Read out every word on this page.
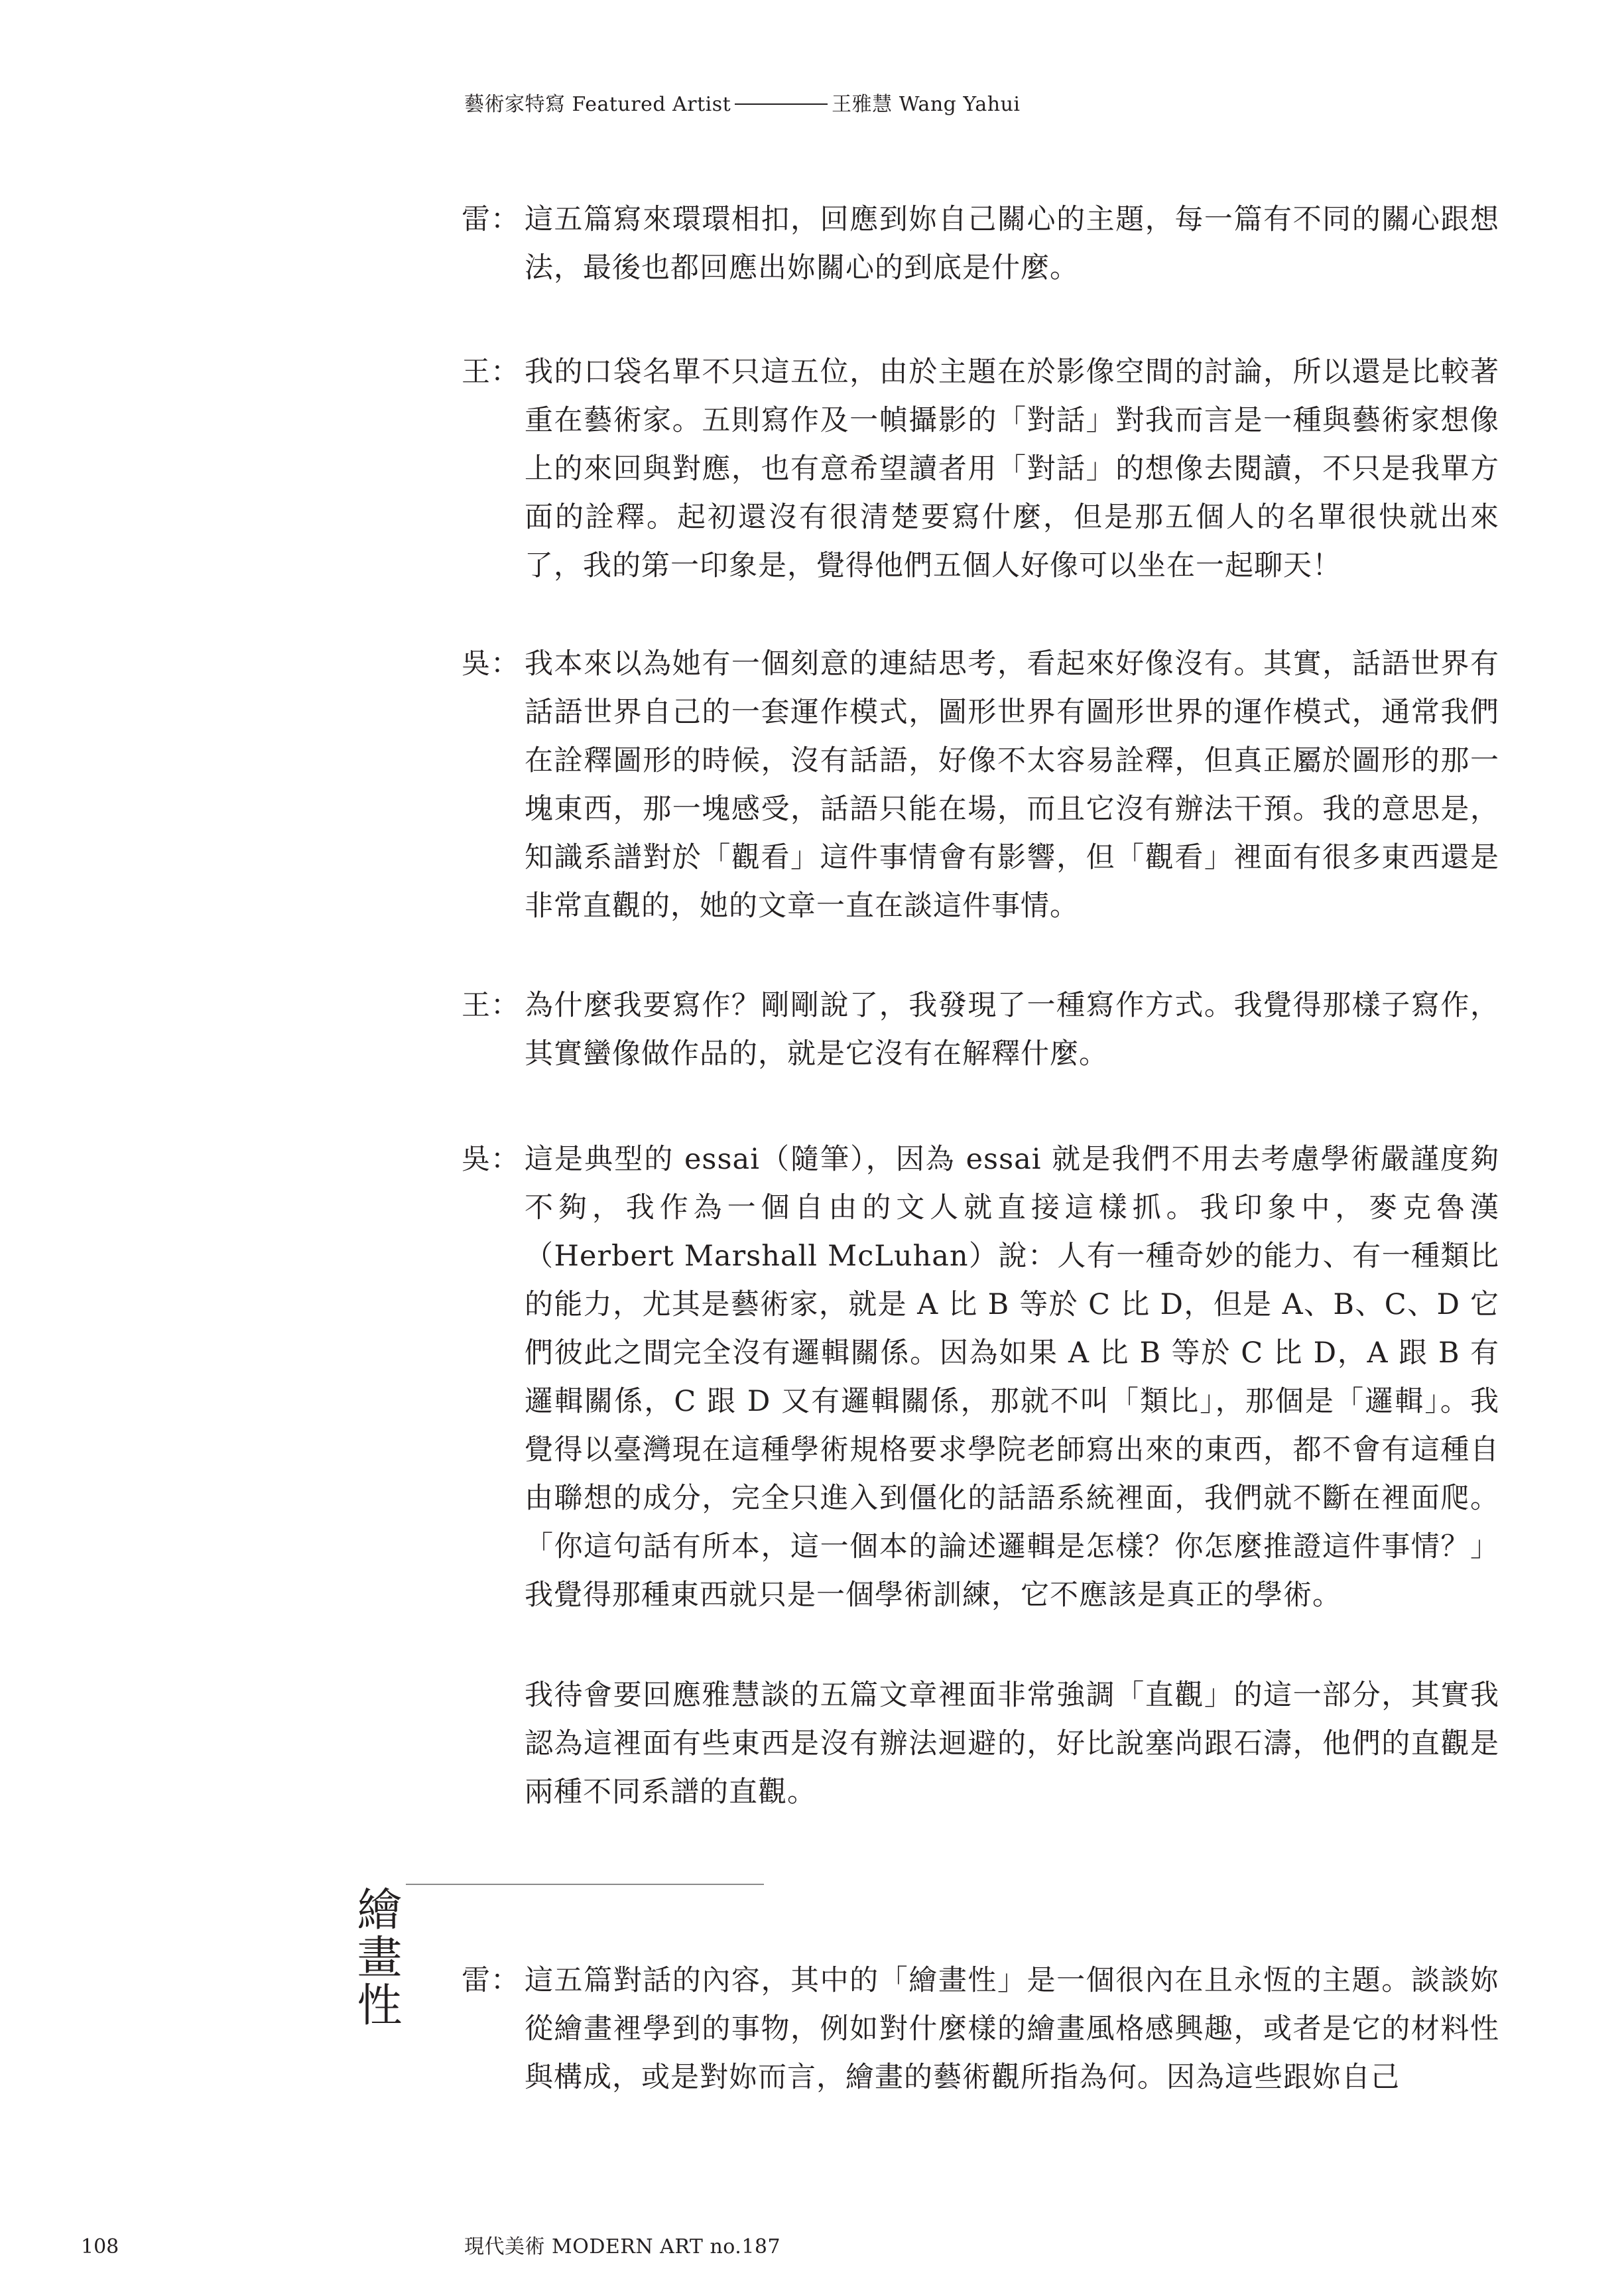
藝術家特寫 Featured Artist	王雅慧 Wang Yahui
雷： 這五篇寫來環環相扣，回應到妳自己關心的主題，每一篇有不同的關心跟想法，最後也都回應出妳關心的到底是什麼。
王： 我的口袋名單不只這五位，由於主題在於影像空間的討論，所以還是比較著重在藝術家。五則寫作及一幀攝影的「對話」對我而言是一種與藝術家想像上的來回與對應，也有意希望讀者用「對話」的想像去閱讀，不只是我單方面的詮釋。起初還沒有很清楚要寫什麼，但是那五個人的名單很快就出來了，我的第一印象是，覺得他們五個人好像可以坐在一起聊天！
吳： 我本來以為她有一個刻意的連結思考，看起來好像沒有。其實，話語世界有話語世界自己的一套運作模式，圖形世界有圖形世界的運作模式，通常我們在詮釋圖形的時候，沒有話語，好像不太容易詮釋，但真正屬於圖形的那一塊東西，那一塊感受，話語只能在場，而且它沒有辦法干預。我的意思是，知識系譜對於「觀看」這件事情會有影響，但「觀看」裡面有很多東西還是非常直觀的，她的文章一直在談這件事情。
王： 為什麼我要寫作？剛剛說了，我發現了一種寫作方式。我覺得那樣子寫作，其實蠻像做作品的，就是它沒有在解釋什麼。
吳： 這是典型的 essai（隨筆），因為 essai 就是我們不用去考慮學術嚴謹度夠不夠，我作為一個自由的文人就直接這樣抓。我印象中，麥克魯漢（Herbert Marshall McLuhan）說：人有一種奇妙的能力、有一種類比的能力，尤其是藝術家，就是 A 比 B 等於 C 比 D，但是 A、B、C、D 它們彼此之間完全沒有邏輯關係。因為如果 A 比 B 等於 C 比 D，A 跟 B 有邏輯關係，C 跟 D 又有邏輯關係，那就不叫「類比」，那個是「邏輯」。我覺得以臺灣現在這種學術規格要求學院老師寫出來的東西，都不會有這種自由聯想的成分，完全只進入到僵化的話語系統裡面，我們就不斷在裡面爬。「你這句話有所本，這一個本的論述邏輯是怎樣？你怎麼推證這件事情？」我覺得那種東西就只是一個學術訓練，它不應該是真正的學術。
我待會要回應雅慧談的五篇文章裡面非常強調「直觀」的這一部分，其實我認為這裡面有些東西是沒有辦法迴避的，好比說塞尚跟石濤，他們的直觀是兩種不同系譜的直觀。
繪
畫
性 雷： 這五篇對話的內容，其中的「繪畫性」是一個很內在且永恆的主題。談談妳從繪畫裡學到的事物，例如對什麼樣的繪畫風格感興趣，或者是它的材料性與構成，或是對妳而言，繪畫的藝術觀所指為何。因為這些跟妳自己
108	現代美術 MODERN ART no.187
